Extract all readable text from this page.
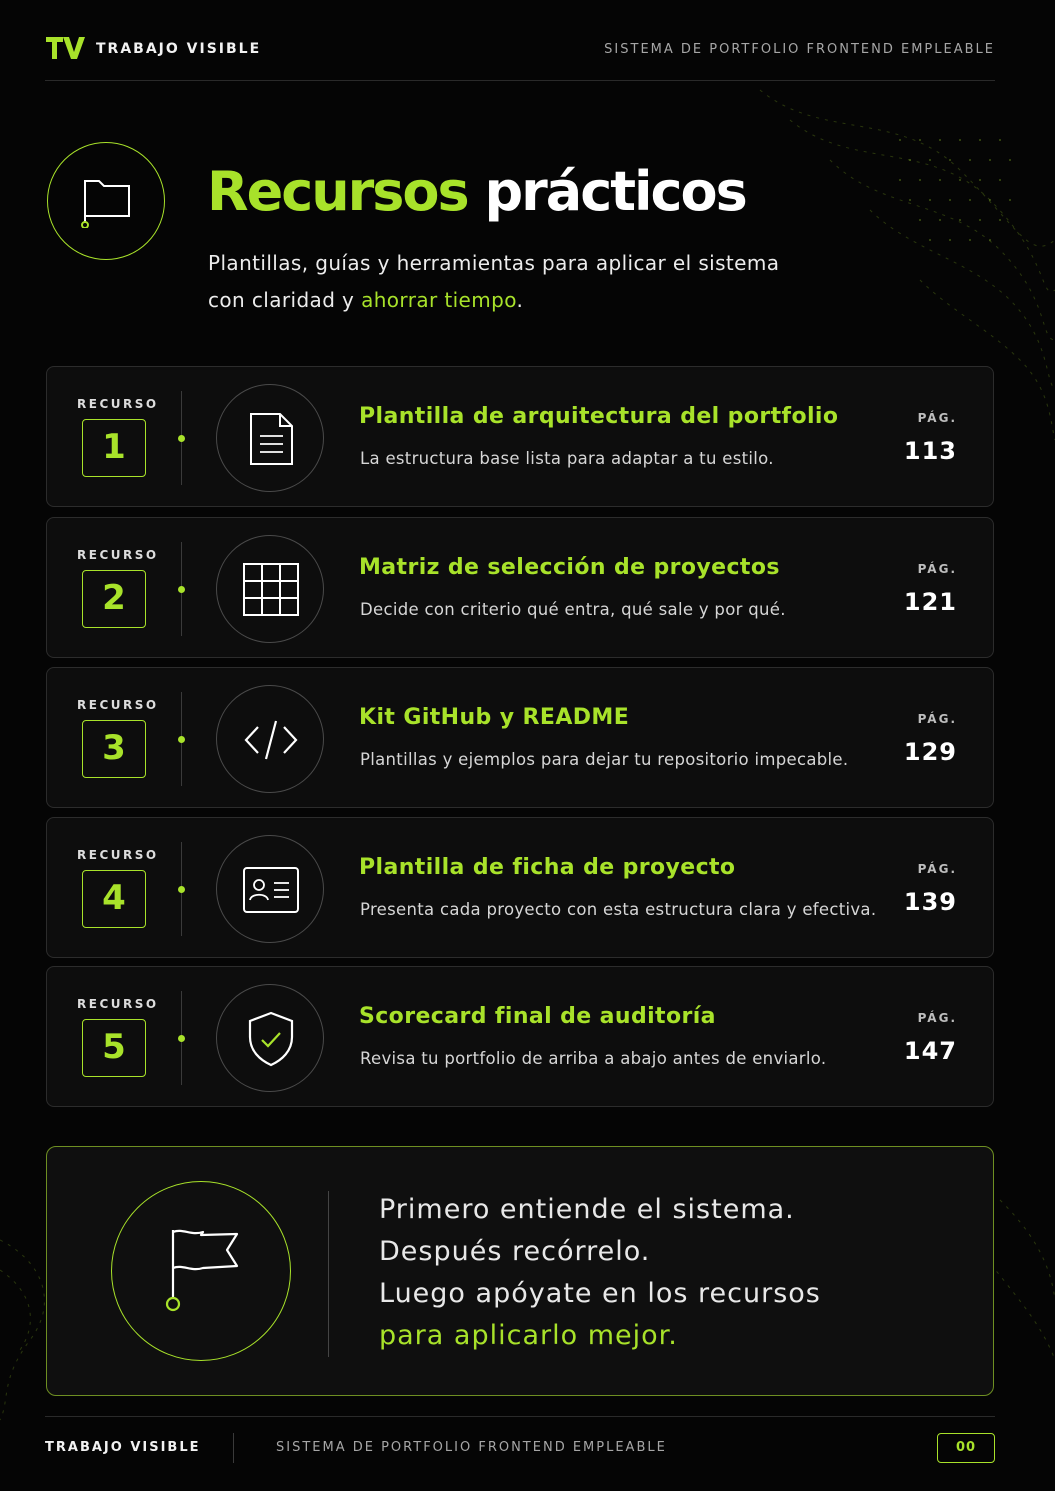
TRABAJO VISIBLE	SISTEMA DE PORTFOLIO FRONTEND EMPLEABLE
Recursos prácticos
Plantillas, guías y herramientas para aplicar el sistema
con claridad y ahorrar tiempo.
RECURSO
1
Plantilla de arquitectura del portfolio
La estructura base lista para adaptar a tu estilo.
PÁG.
113
RECURSO
2
Matriz de selección de proyectos
Decide con criterio qué entra, qué sale y por qué.
PÁG.
121
RECURSO
3
Kit GitHub y README
Plantillas y ejemplos para dejar tu repositorio impecable.
PÁG.
129
RECURSO
4
Plantilla de ficha de proyecto
Presenta cada proyecto con esta estructura clara y efectiva.
PÁG.
139
RECURSO
5
Scorecard final de auditoría
Revisa tu portfolio de arriba a abajo antes de enviarlo.
PÁG.
147
Primero entiende el sistema.
Después recórrelo.
Luego apóyate en los recursos
para aplicarlo mejor.
TRABAJO VISIBLE	SISTEMA DE PORTFOLIO FRONTEND EMPLEABLE	00
